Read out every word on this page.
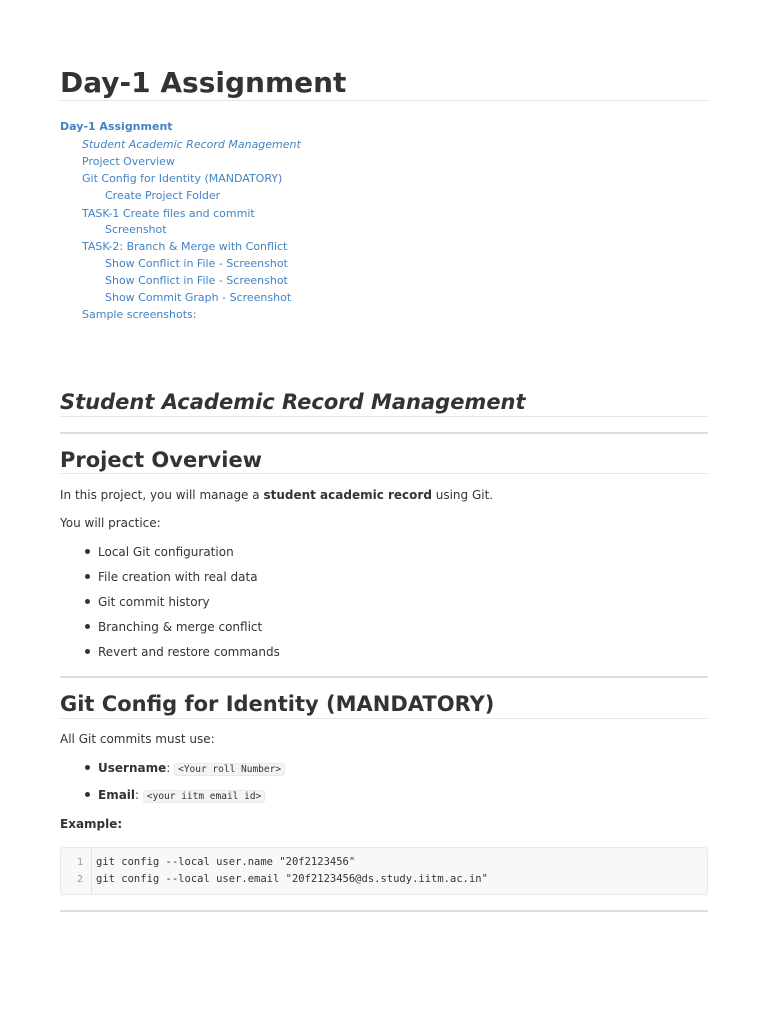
Day-1 Assignment
Day-1 Assignment
Student Academic Record Management
Project Overview
Git Config for Identity (MANDATORY)
Create Project Folder
TASK-1 Create files and commit
Screenshot
TASK-2: Branch & Merge with Conflict
Show Conflict in File - Screenshot
Show Conflict in File - Screenshot
Show Commit Graph - Screenshot
Sample screenshots:
Student Academic Record Management
Project Overview
In this project, you will manage a student academic record using Git.
You will practice:
Local Git configuration
File creation with real data
Git commit history
Branching & merge conflict
Revert and restore commands
Git Config for Identity (MANDATORY)
All Git commits must use:
Username: <Your roll Number>
Email: <your iitm email id>
Example:
1
2
git config --local user.name "20f2123456"
git config --local user.email "20f2123456@ds.study.iitm.ac.in"
